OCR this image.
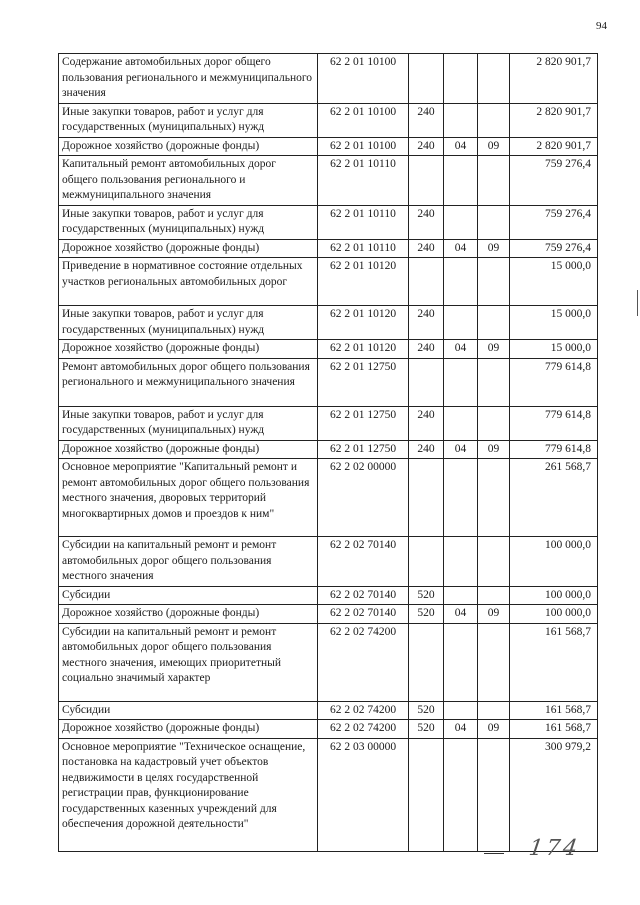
94
Содержание автомобильных дорог общего пользования регионального и межмуниципального значения	62 2 01 10100				2 820 901,7
Иные закупки товаров, работ и услуг для государственных (муниципальных) нужд	62 2 01 10100	240			2 820 901,7
Дорожное хозяйство (дорожные фонды)	62 2 01 10100	240	04	09	2 820 901,7
Капитальный ремонт автомобильных дорог общего пользования регионального и межмуниципального значения	62 2 01 10110				759 276,4
Иные закупки товаров, работ и услуг для государственных (муниципальных) нужд	62 2 01 10110	240			759 276,4
Дорожное хозяйство (дорожные фонды)	62 2 01 10110	240	04	09	759 276,4
Приведение в нормативное состояние отдельных участков региональных автомобильных дорог	62 2 01 10120				15 000,0
Иные закупки товаров, работ и услуг для государственных (муниципальных) нужд	62 2 01 10120	240			15 000,0
Дорожное хозяйство (дорожные фонды)	62 2 01 10120	240	04	09	15 000,0
Ремонт автомобильных дорог общего пользования регионального и межмуниципального значения	62 2 01 12750				779 614,8
Иные закупки товаров, работ и услуг для государственных (муниципальных) нужд	62 2 01 12750	240			779 614,8
Дорожное хозяйство (дорожные фонды)	62 2 01 12750	240	04	09	779 614,8
Основное мероприятие "Капитальный ремонт и ремонт автомобильных дорог общего пользования местного значения, дворовых территорий многоквартирных домов и проездов к ним"	62 2 02 00000				261 568,7
Субсидии на капитальный ремонт и ремонт автомобильных дорог общего пользования местного значения	62 2 02 70140				100 000,0
Субсидии	62 2 02 70140	520			100 000,0
Дорожное хозяйство (дорожные фонды)	62 2 02 70140	520	04	09	100 000,0
Субсидии на капитальный ремонт и ремонт автомобильных дорог общего пользования местного значения, имеющих приоритетный социально значимый характер	62 2 02 74200				161 568,7
Субсидии	62 2 02 74200	520			161 568,7
Дорожное хозяйство (дорожные фонды)	62 2 02 74200	520	04	09	161 568,7
Основное мероприятие "Техническое оснащение, постановка на кадастровый учет объектов недвижимости в целях государственной регистрации прав, функционирование государственных казенных учреждений для обеспечения дорожной деятельности"	62 2 03 00000				300 979,2
174
